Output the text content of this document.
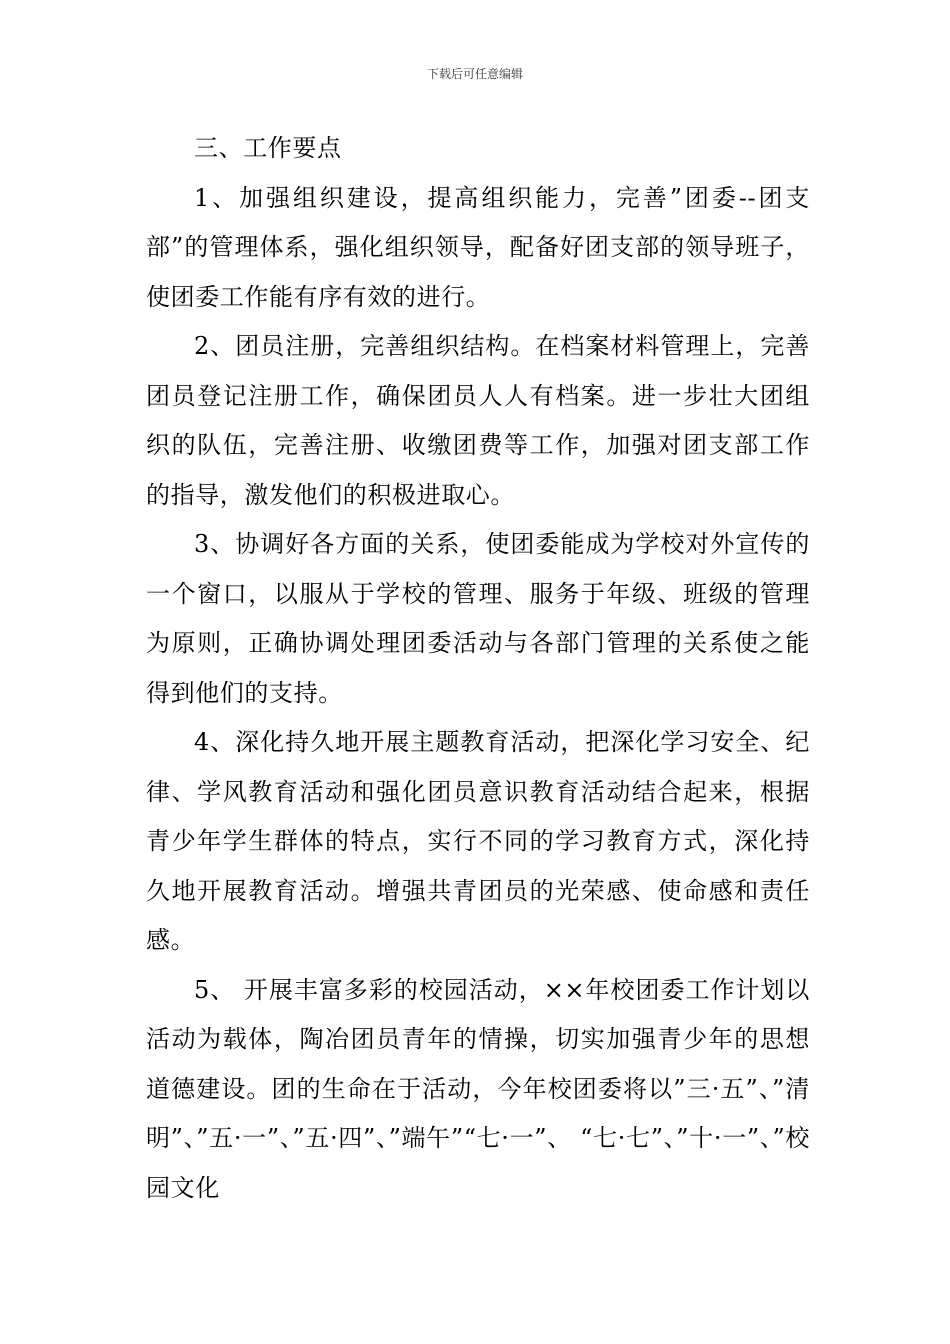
下载后可任意编辑

三、工作要点

1、加强组织建设，提高组织能力，完善”团委--团支部”的管理体系，强化组织领导，配备好团支部的领导班子，使团委工作能有序有效的进行。

2、团员注册，完善组织结构。在档案材料管理上，完善团员登记注册工作，确保团员人人有档案。进一步壮大团组织的队伍，完善注册、收缴团费等工作，加强对团支部工作的指导，激发他们的积极进取心。

3、协调好各方面的关系，使团委能成为学校对外宣传的一个窗口，以服从于学校的管理、服务于年级、班级的管理为原则，正确协调处理团委活动与各部门管理的关系使之能得到他们的支持。

4、深化持久地开展主题教育活动，把深化学习安全、纪律、学风教育活动和强化团员意识教育活动结合起来，根据青少年学生群体的特点，实行不同的学习教育方式，深化持久地开展教育活动。增强共青团员的光荣感、使命感和责任感。

5、 开展丰富多彩的校园活动，××年校团委工作计划以活动为载体，陶冶团员青年的情操，切实加强青少年的思想道德建设。团的生命在于活动，今年校团委将以”三·五”、”清明”、”五·一”、”五·四”、”端午”“七·一”、 “七·七”、”十·一”、”校园文化
